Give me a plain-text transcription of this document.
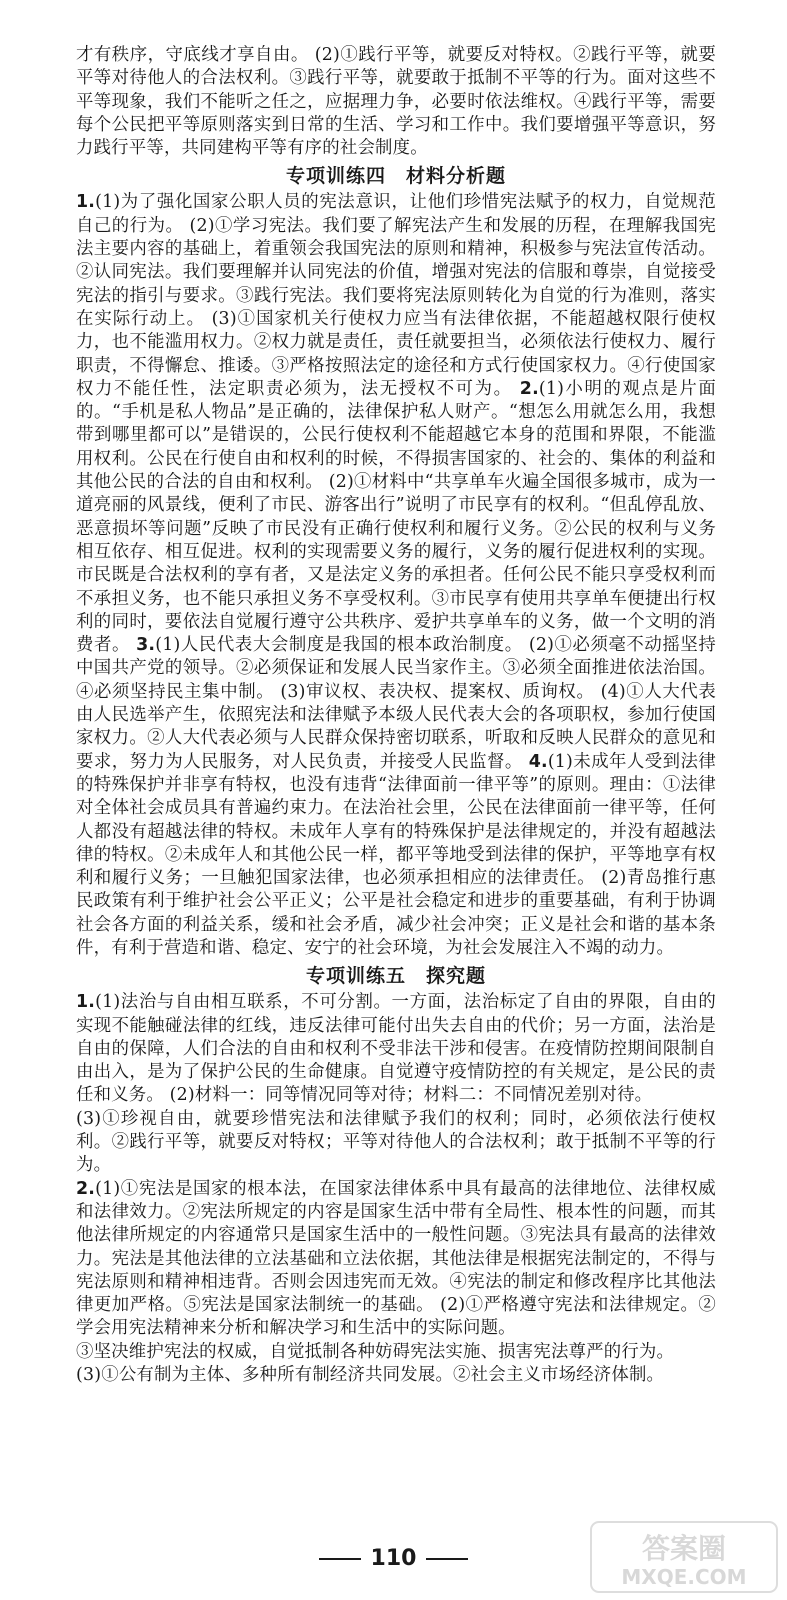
才有秩序，守底线才享自由。 (2)①践行平等，就要反对特权。②践行平等，就要平等对待他人的合法权利。③践行平等，就要敢于抵制不平等的行为。面对这些不平等现象，我们不能听之任之，应据理力争，必要时依法维权。④践行平等，需要每个公民把平等原则落实到日常的生活、学习和工作中。我们要增强平等意识，努力践行平等，共同建构平等有序的社会制度。

专项训练四　材料分析题

1.(1)为了强化国家公职人员的宪法意识，让他们珍惜宪法赋予的权力，自觉规范自己的行为。 (2)①学习宪法。我们要了解宪法产生和发展的历程，在理解我国宪法主要内容的基础上，着重领会我国宪法的原则和精神，积极参与宪法宣传活动。②认同宪法。我们要理解并认同宪法的价值，增强对宪法的信服和尊崇，自觉接受宪法的指引与要求。③践行宪法。我们要将宪法原则转化为自觉的行为准则，落实在实际行动上。 (3)①国家机关行使权力应当有法律依据，不能超越权限行使权力，也不能滥用权力。②权力就是责任，责任就要担当，必须依法行使权力、履行职责，不得懈怠、推诿。③严格按照法定的途径和方式行使国家权力。④行使国家权力不能任性，法定职责必须为，法无授权不可为。 2.(1)小明的观点是片面的。“手机是私人物品”是正确的，法律保护私人财产。“想怎么用就怎么用，我想带到哪里都可以”是错误的，公民行使权利不能超越它本身的范围和界限，不能滥用权利。公民在行使自由和权利的时候，不得损害国家的、社会的、集体的利益和其他公民的合法的自由和权利。 (2)①材料中“共享单车火遍全国很多城市，成为一道亮丽的风景线，便利了市民、游客出行”说明了市民享有的权利。“但乱停乱放、恶意损坏等问题”反映了市民没有正确行使权利和履行义务。②公民的权利与义务相互依存、相互促进。权利的实现需要义务的履行，义务的履行促进权利的实现。市民既是合法权利的享有者，又是法定义务的承担者。任何公民不能只享受权利而不承担义务，也不能只承担义务不享受权利。③市民享有使用共享单车便捷出行权利的同时，要依法自觉履行遵守公共秩序、爱护共享单车的义务，做一个文明的消费者。 3.(1)人民代表大会制度是我国的根本政治制度。 (2)①必须毫不动摇坚持中国共产党的领导。②必须保证和发展人民当家作主。③必须全面推进依法治国。④必须坚持民主集中制。 (3)审议权、表决权、提案权、质询权。 (4)①人大代表由人民选举产生，依照宪法和法律赋予本级人民代表大会的各项职权，参加行使国家权力。②人大代表必须与人民群众保持密切联系，听取和反映人民群众的意见和要求，努力为人民服务，对人民负责，并接受人民监督。 4.(1)未成年人受到法律的特殊保护并非享有特权，也没有违背“法律面前一律平等”的原则。理由：①法律对全体社会成员具有普遍约束力。在法治社会里，公民在法律面前一律平等，任何人都没有超越法律的特权。未成年人享有的特殊保护是法律规定的，并没有超越法律的特权。②未成年人和其他公民一样，都平等地受到法律的保护，平等地享有权利和履行义务；一旦触犯国家法律，也必须承担相应的法律责任。 (2)青岛推行惠民政策有利于维护社会公平正义；公平是社会稳定和进步的重要基础，有利于协调社会各方面的利益关系，缓和社会矛盾，减少社会冲突；正义是社会和谐的基本条件，有利于营造和谐、稳定、安宁的社会环境，为社会发展注入不竭的动力。

专项训练五　探究题

1.(1)法治与自由相互联系，不可分割。一方面，法治标定了自由的界限，自由的实现不能触碰法律的红线，违反法律可能付出失去自由的代价；另一方面，法治是自由的保障，人们合法的自由和权利不受非法干涉和侵害。在疫情防控期间限制自由出入，是为了保护公民的生命健康。自觉遵守疫情防控的有关规定，是公民的责任和义务。 (2)材料一：同等情况同等对待；材料二：不同情况差别对待。

(3)①珍视自由，就要珍惜宪法和法律赋予我们的权利；同时，必须依法行使权利。②践行平等，就要反对特权；平等对待他人的合法权利；敢于抵制不平等的行为。

2.(1)①宪法是国家的根本法，在国家法律体系中具有最高的法律地位、法律权威和法律效力。②宪法所规定的内容是国家生活中带有全局性、根本性的问题，而其他法律所规定的内容通常只是国家生活中的一般性问题。③宪法具有最高的法律效力。宪法是其他法律的立法基础和立法依据，其他法律是根据宪法制定的，不得与宪法原则和精神相违背。否则会因违宪而无效。④宪法的制定和修改程序比其他法律更加严格。⑤宪法是国家法制统一的基础。 (2)①严格遵守宪法和法律规定。②学会用宪法精神来分析和解决学习和生活中的实际问题。

③坚决维护宪法的权威，自觉抵制各种妨碍宪法实施、损害宪法尊严的行为。

(3)①公有制为主体、多种所有制经济共同发展。②社会主义市场经济体制。

110	答案圈
MXQE.COM
